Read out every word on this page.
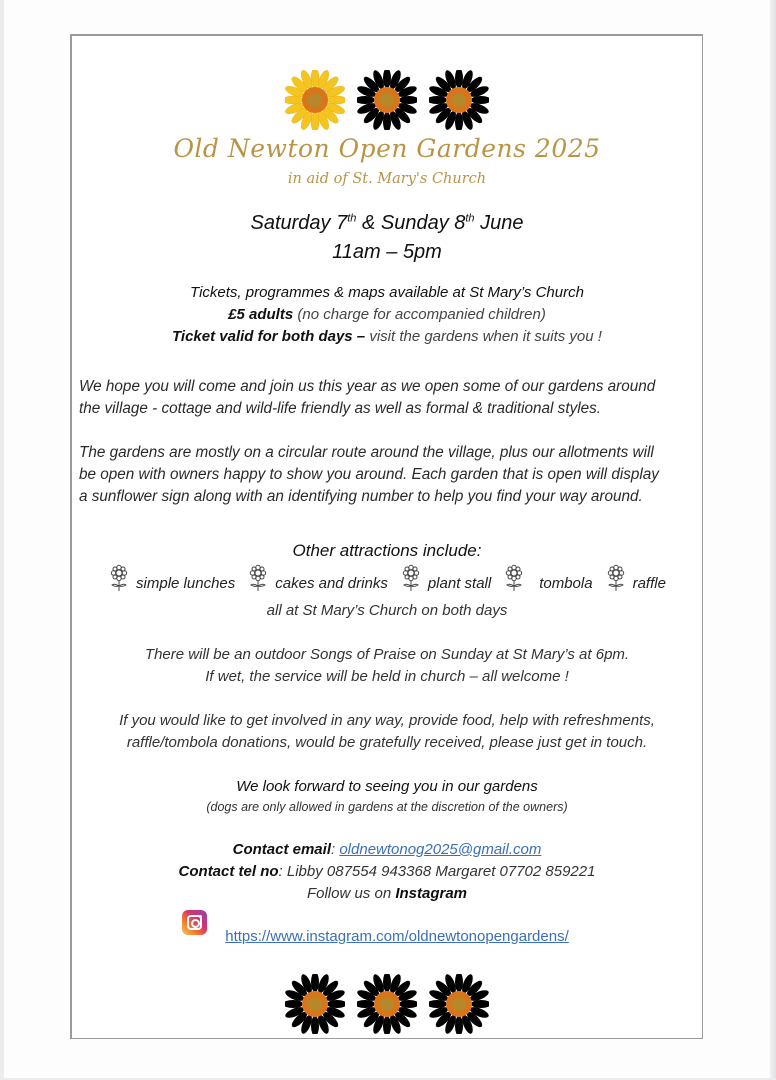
Old Newton Open Gardens 2025
in aid of St. Mary's Church
Saturday 7th & Sunday 8th June
11am – 5pm
Tickets, programmes & maps available at St Mary’s Church
£5 adults (no charge for accompanied children)
Ticket valid for both days – visit the gardens when it suits you !
We hope you will come and join us this year as we open some of our gardens around
the village - cottage and wild-life friendly as well as formal & traditional styles.
The gardens are mostly on a circular route around the village, plus our allotments will
be open with owners happy to show you around. Each garden that is open will display
a sunflower sign along with an identifying number to help you find your way around.
Other attractions include:
simple lunches	cakes and drinks	plant stall	tombola	raffle
all at St Mary’s Church on both days
There will be an outdoor Songs of Praise on Sunday at St Mary’s at 6pm.
If wet, the service will be held in church – all welcome !
If you would like to get involved in any way, provide food, help with refreshments,
raffle/tombola donations, would be gratefully received, please just get in touch.
We look forward to seeing you in our gardens
(dogs are only allowed in gardens at the discretion of the owners)
Contact email: oldnewtonog2025@gmail.com
Contact tel no: Libby 087554 943368 Margaret 07702 859221
Follow us on Instagram
https://www.instagram.com/oldnewtonopengardens/
